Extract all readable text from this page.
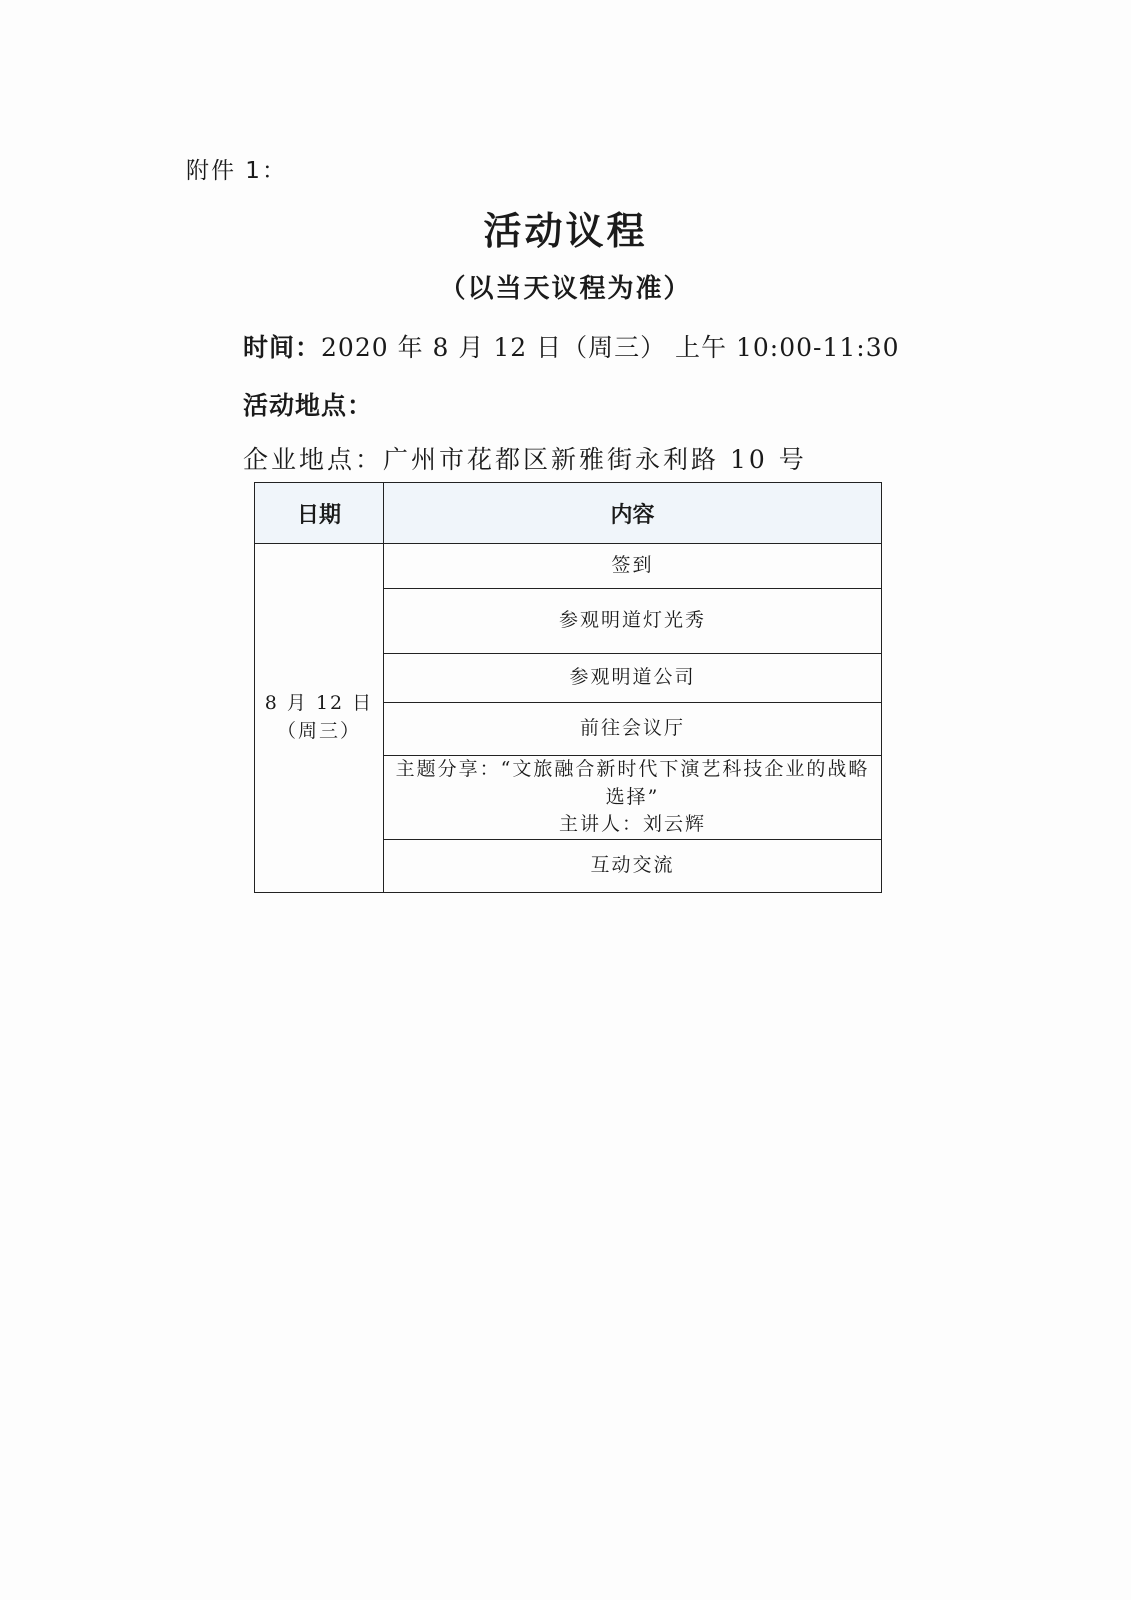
附件 1：
活动议程
（以当天议程为准）
时间：2020 年 8 月 12 日（周三） 上午 10:00-11:30
活动地点：
企业地点：广州市花都区新雅街永利路 10 号
日期	内容

8 月 12 日
（周三）	签到
	参观明道灯光秀
	参观明道公司
	前往会议厅

	主题分享：“文旅融合新时代下演艺科技企业的战略选择”
主讲人：刘云辉

	互动交流
